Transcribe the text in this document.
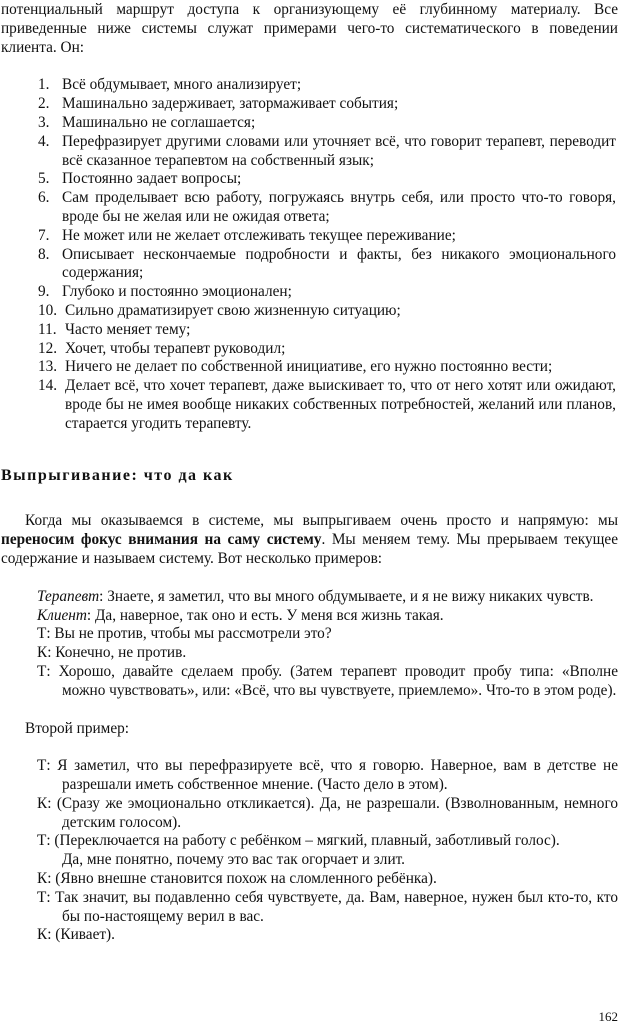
потенциальный маршрут доступа к организующему её глубинному материалу. Все приведенные ниже системы служат примерами чего-то систематического в поведении клиента. Он:

1. Всё обдумывает, много анализирует;
2. Машинально задерживает, затормаживает события;
3. Машинально не соглашается;
4. Перефразирует другими словами или уточняет всё, что говорит терапевт, переводит всё сказанное терапевтом на собственный язык;
5. Постоянно задает вопросы;
6. Сам проделывает всю работу, погружаясь внутрь себя, или просто что-то говоря, вроде бы не желая или не ожидая ответа;
7. Не может или не желает отслеживать текущее переживание;
8. Описывает нескончаемые подробности и факты, без никакого эмоционального содержания;
9. Глубоко и постоянно эмоционален;
10. Сильно драматизирует свою жизненную ситуацию;
11. Часто меняет тему;
12. Хочет, чтобы терапевт руководил;
13. Ничего не делает по собственной инициативе, его нужно постоянно вести;
14. Делает всё, что хочет терапевт, даже выискивает то, что от него хотят или ожидают, вроде бы не имея вообще никаких собственных потребностей, желаний или планов, старается угодить терапевту.
Выпрыгивание: что да как

Когда мы оказываемся в системе, мы выпрыгиваем очень просто и напрямую: мы переносим фокус внимания на саму систему. Мы меняем тему. Мы прерываем текущее содержание и называем систему. Вот несколько примеров:

Терапевт: Знаете, я заметил, что вы много обдумываете, и я не вижу никаких чувств.
Клиент: Да, наверное, так оно и есть. У меня вся жизнь такая.
Т: Вы не против, чтобы мы рассмотрели это?
К: Конечно, не против.
Т: Хорошо, давайте сделаем пробу. (Затем терапевт проводит пробу типа: «Вполне можно чувствовать», или: «Всё, что вы чувствуете, приемлемо». Что-то в этом роде).

Второй пример:

Т: Я заметил, что вы перефразируете всё, что я говорю. Наверное, вам в детстве не разрешали иметь собственное мнение. (Часто дело в этом).
К: (Сразу же эмоционально откликается). Да, не разрешали. (Взволнованным, немного детским голосом).
Т: (Переключается на работу с ребёнком – мягкий, плавный, заботливый голос).
Да, мне понятно, почему это вас так огорчает и злит.
К: (Явно внешне становится похож на сломленного ребёнка).
Т: Так значит, вы подавленно себя чувствуете, да. Вам, наверное, нужен был кто-то, кто бы по-настоящему верил в вас.
К: (Кивает).
162
